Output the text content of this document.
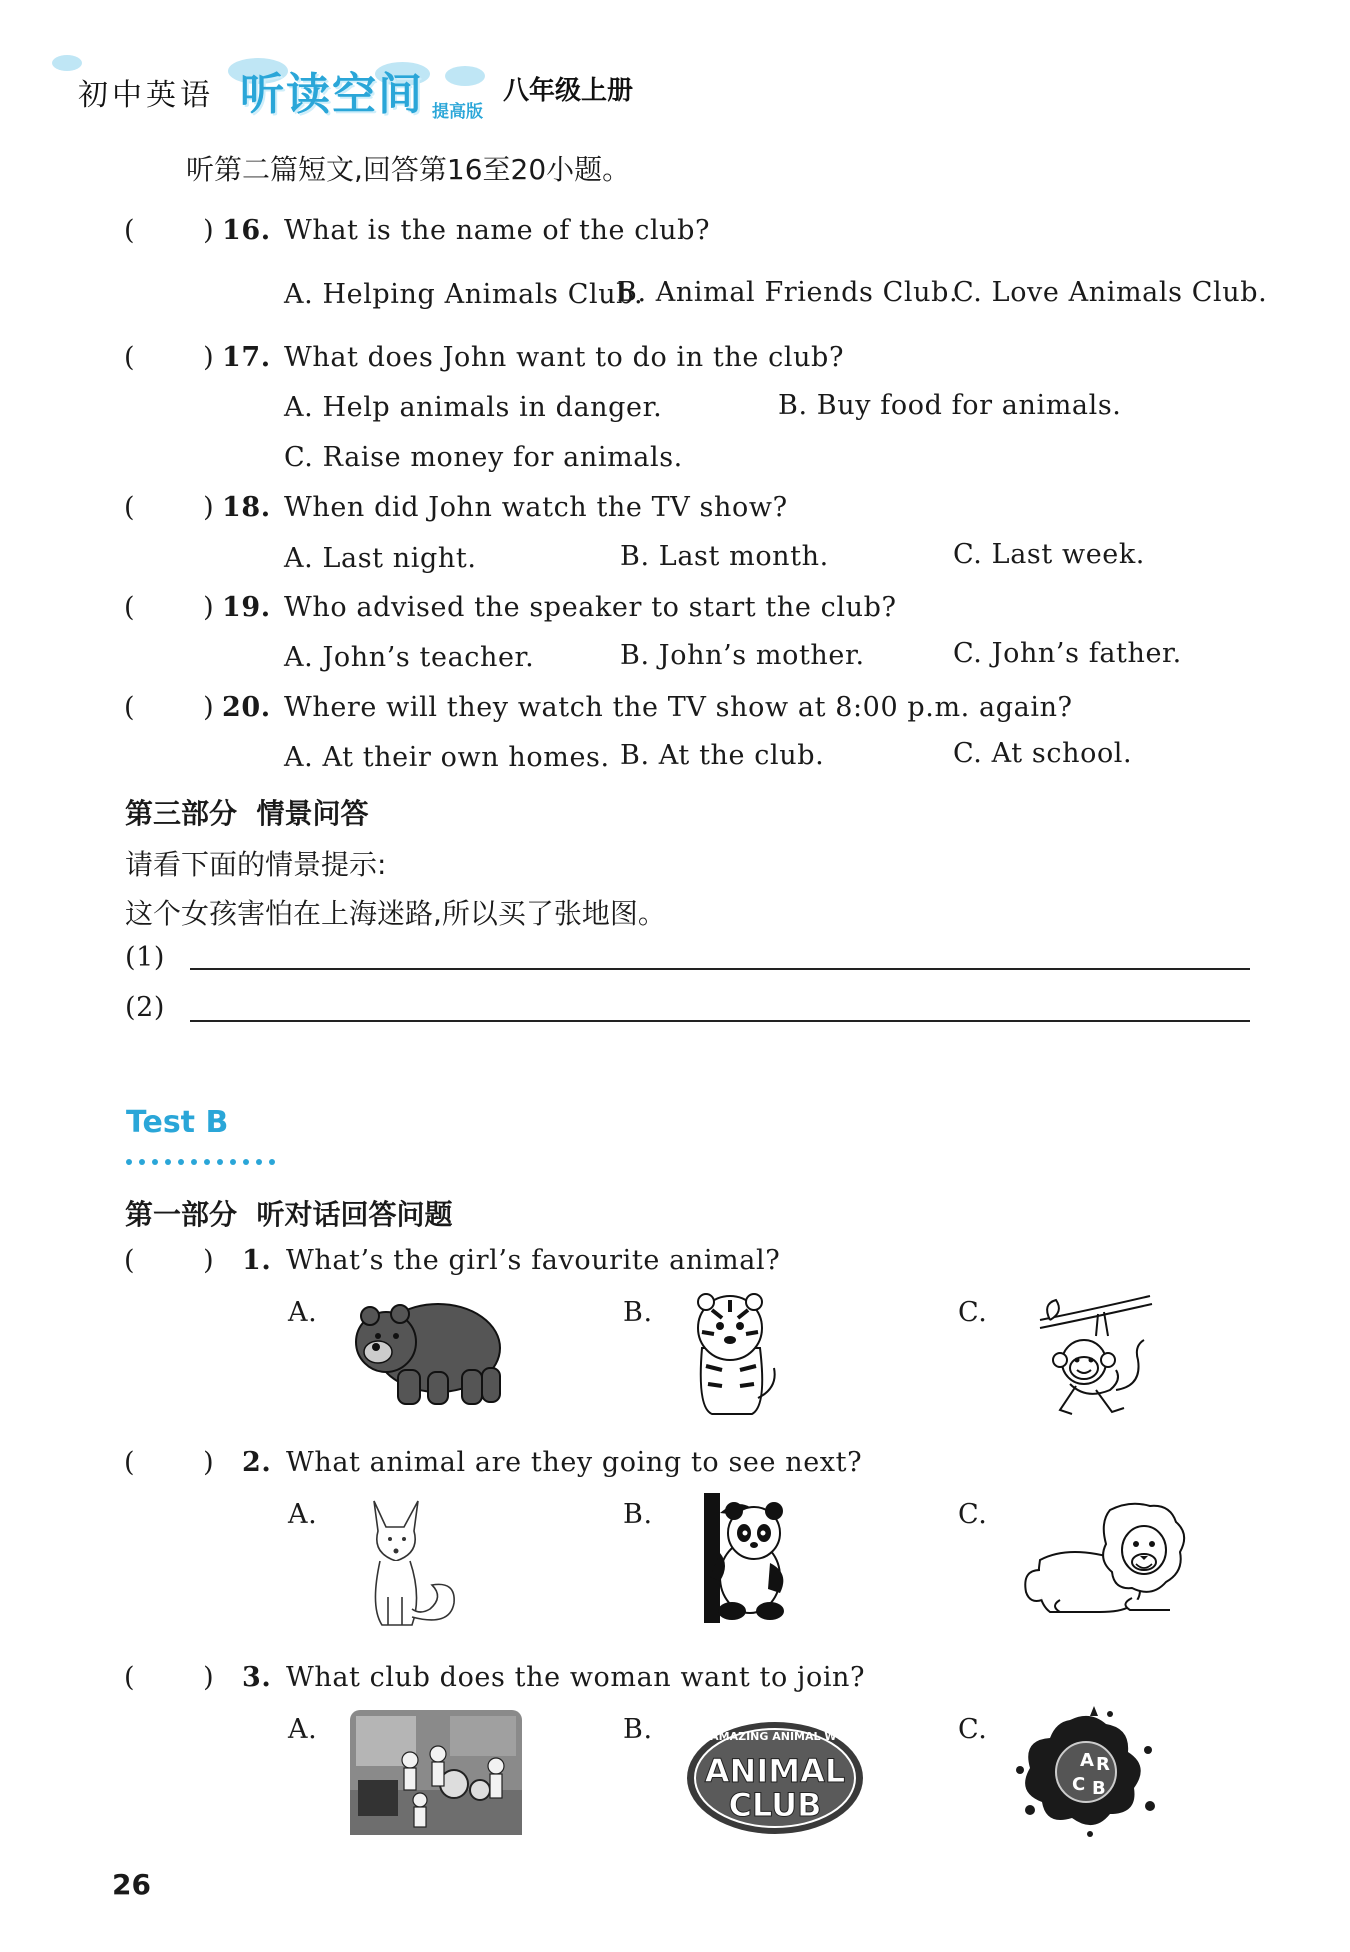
初中英语 听读空间 提高版
八年级上册
听第二篇短文,回答第16至20小题。
(	) 16. What is the name of the club?
A. Helping Animals Club.
B. Animal Friends Club.
C. Love Animals Club.
(	) 17. What does John want to do in the club?
A. Help animals in danger.	B. Buy food for animals.
C. Raise money for animals.
(	) 18. When did John watch the TV show?
A. Last night.	B. Last month.	C. Last week.
(	) 19. Who advised the speaker to start the club?
A. John’s teacher.	B. John’s mother.	C. John’s father.
(	) 20. Where will they watch the TV show at 8:00 p.m. again?
A. At their own homes. B. At the club.	C. At school.
第三部分  情景问答
请看下面的情景提示:
这个女孩害怕在上海迷路,所以买了张地图。
(1)
(2)
Test B
第一部分  听对话回答问题
(	) 1. What’s the girl’s favourite animal?
A.	B.	C.
(	) 2. What animal are they going to see next?
A.	B.	C.
(	) 3. What club does the woman want to join?
A.	B.	C.
OUR AMAZING ANIMAL WORLD
ANIMAL
CLUB
A R
C B
26
